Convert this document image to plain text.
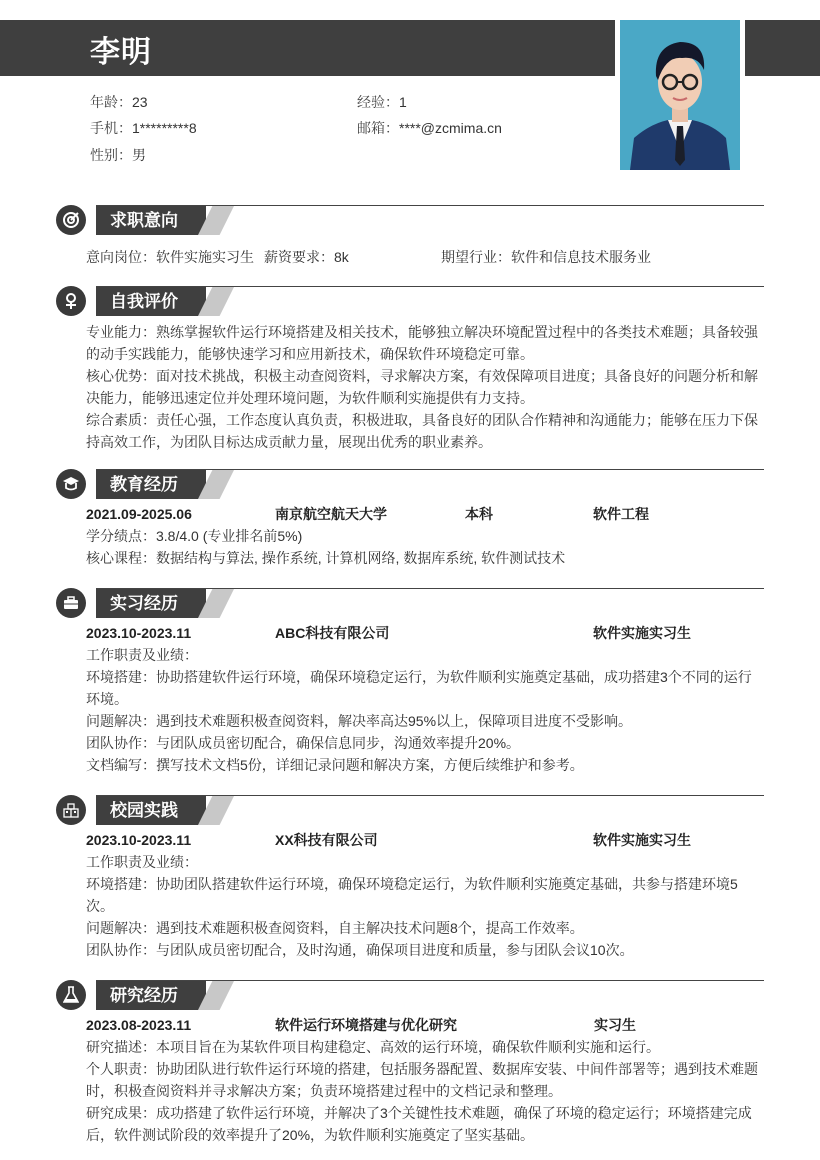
李明
年龄：23	经验：1
手机：1*********8	邮箱：****@zcmima.cn
性别：男
求职意向
意向岗位：软件实施实习生 薪资要求：8k	期望行业：软件和信息技术服务业
自我评价

专业能力：熟练掌握软件运行环境搭建及相关技术，能够独立解决环境配置过程中的各类技术难题；具备较强的动手实践能力，能够快速学习和应用新技术，确保软件环境稳定可靠。

核心优势：面对技术挑战，积极主动查阅资料，寻求解决方案，有效保障项目进度；具备良好的问题分析和解决能力，能够迅速定位并处理环境问题，为软件顺利实施提供有力支持。

综合素质：责任心强，工作态度认真负责，积极进取，具备良好的团队合作精神和沟通能力；能够在压力下保持高效工作，为团队目标达成贡献力量，展现出优秀的职业素养。

教育经历
2021.09-2025.06	南京航空航天大学	本科	软件工程

学分绩点：3.8/4.0 (专业排名前5%)

核心课程：数据结构与算法, 操作系统, 计算机网络, 数据库系统, 软件测试技术

实习经历
2023.10-2023.11	ABC科技有限公司	软件实施实习生

工作职责及业绩：

环境搭建：协助搭建软件运行环境，确保环境稳定运行，为软件顺利实施奠定基础，成功搭建3个不同的运行环境。

问题解决：遇到技术难题积极查阅资料，解决率高达95%以上，保障项目进度不受影响。

团队协作：与团队成员密切配合，确保信息同步，沟通效率提升20%。

文档编写：撰写技术文档5份，详细记录问题和解决方案，方便后续维护和参考。

校园实践
2023.10-2023.11	XX科技有限公司	软件实施实习生

工作职责及业绩：

环境搭建：协助团队搭建软件运行环境，确保环境稳定运行，为软件顺利实施奠定基础，共参与搭建环境5次。

问题解决：遇到技术难题积极查阅资料，自主解决技术问题8个，提高工作效率。

团队协作：与团队成员密切配合，及时沟通，确保项目进度和质量，参与团队会议10次。

研究经历
2023.08-2023.11	软件运行环境搭建与优化研究	实习生

研究描述：本项目旨在为某软件项目构建稳定、高效的运行环境，确保软件顺利实施和运行。

个人职责：协助团队进行软件运行环境的搭建，包括服务器配置、数据库安装、中间件部署等；遇到技术难题时，积极查阅资料并寻求解决方案；负责环境搭建过程中的文档记录和整理。

研究成果：成功搭建了软件运行环境，并解决了3个关键性技术难题，确保了环境的稳定运行；环境搭建完成后，软件测试阶段的效率提升了20%，为软件顺利实施奠定了坚实基础。
